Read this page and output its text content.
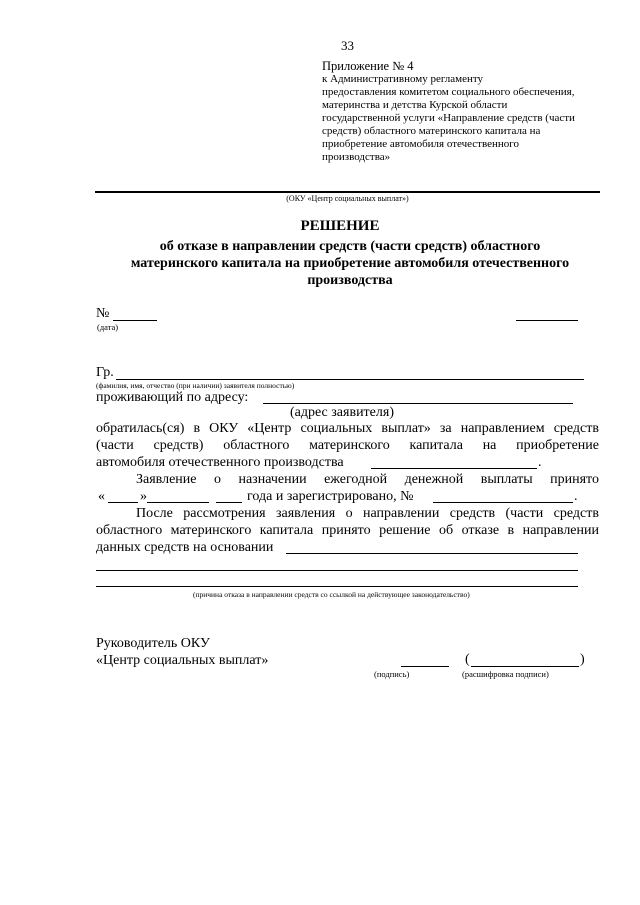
33
Приложение № 4
к Административному регламенту
предоставления комитетом социального обеспечения,
материнства и детства Курской области
государственной услуги «Направление средств (части
средств) областного материнского капитала на
приобретение автомобиля отечественного
производства»
(ОКУ «Центр социальных выплат»)
РЕШЕНИЕ
об отказе в направлении средств (части средств) областного
материнского капитала на приобретение автомобиля отечественного
производства
№
(дата)
Гр.
(фамилия, имя, отчество (при наличии) заявителя полностью)
проживающий по адресу:
(адрес заявителя)
обратилась(ся) в ОКУ «Центр социальных выплат» за направлением средств
(части средств) областного материнского капитала на приобретение
автомобиля отечественного производства	.
Заявление о назначении ежегодной денежной выплаты принято
«	»	года и зарегистрировано, №	.
После рассмотрения заявления о направлении средств (части средств
областного материнского капитала принято решение об отказе в направлении
данных средств на основании
(причина отказа в направлении средств со ссылкой на действующее законодательство)
Руководитель ОКУ
«Центр социальных выплат»
(подпись)
(	)
(расшифровка подписи)
